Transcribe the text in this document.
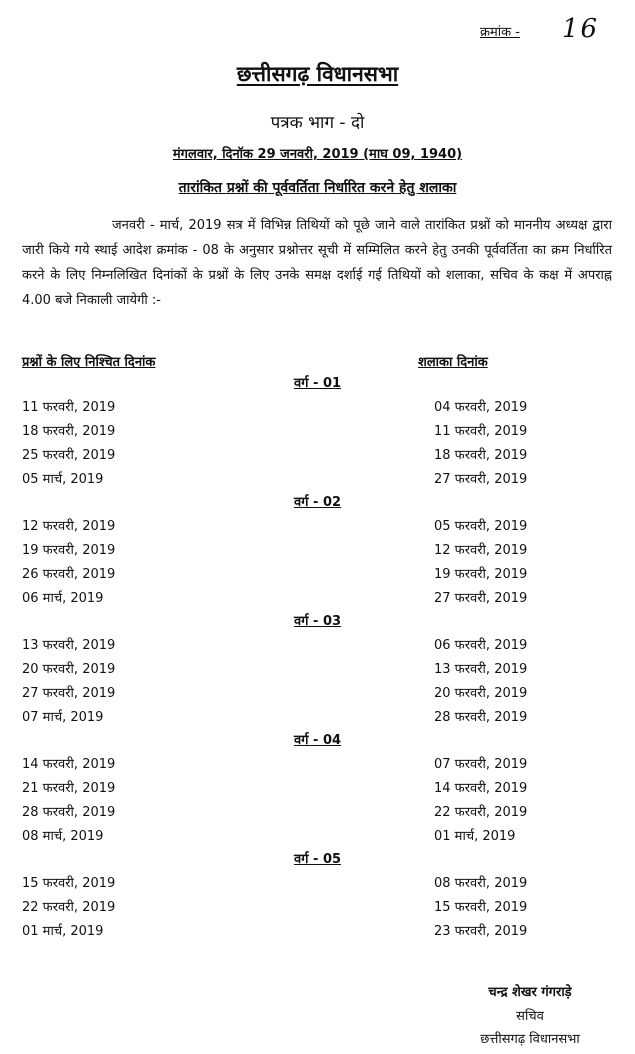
क्रमांक - 16
छत्तीसगढ़ विधानसभा
पत्रक भाग - दो
मंगलवार, दिनॉक 29 जनवरी, 2019 (माघ 09, 1940)
तारांकित प्रश्नों की पूर्ववर्तिता निर्धारित करने हेतु शलाका
जनवरी - मार्च, 2019 सत्र में विभिन्न तिथियों को पूछे जाने वाले तारांकित प्रश्नों को माननीय अध्यक्ष द्वारा जारी किये गये स्थाई आदेश क्रमांक - 08 के अनुसार प्रश्नोत्तर सूची में सम्मिलित करने हेतु उनकी पूर्ववर्तिता का क्रम निर्धारित करने के लिए निम्नलिखित दिनांकों के प्रश्नों के लिए उनके समक्ष दर्शाई गई तिथियों को शलाका, सचिव के कक्ष में अपराह्न 4.00 बजे निकाली जायेगी :-
प्रश्नों के लिए निश्चित दिनांक	शलाका दिनांक
वर्ग - 01
11 फरवरी, 2019	04 फरवरी, 2019
18 फरवरी, 2019	11 फरवरी, 2019
25 फरवरी, 2019	18 फरवरी, 2019
05 मार्च, 2019	27 फरवरी, 2019
वर्ग - 02
12 फरवरी, 2019	05 फरवरी, 2019
19 फरवरी, 2019	12 फरवरी, 2019
26 फरवरी, 2019	19 फरवरी, 2019
06 मार्च, 2019	27 फरवरी, 2019
वर्ग - 03
13 फरवरी, 2019	06 फरवरी, 2019
20 फरवरी, 2019	13 फरवरी, 2019
27 फरवरी, 2019	20 फरवरी, 2019
07 मार्च, 2019	28 फरवरी, 2019
वर्ग - 04
14 फरवरी, 2019	07 फरवरी, 2019
21 फरवरी, 2019	14 फरवरी, 2019
28 फरवरी, 2019	22 फरवरी, 2019
08 मार्च, 2019	01 मार्च, 2019
वर्ग - 05
15 फरवरी, 2019	08 फरवरी, 2019
22 फरवरी, 2019	15 फरवरी, 2019
01 मार्च, 2019	23 फरवरी, 2019
चन्द्र शेखर गंगराड़े
सचिव
छत्तीसगढ़ विधानसभा
